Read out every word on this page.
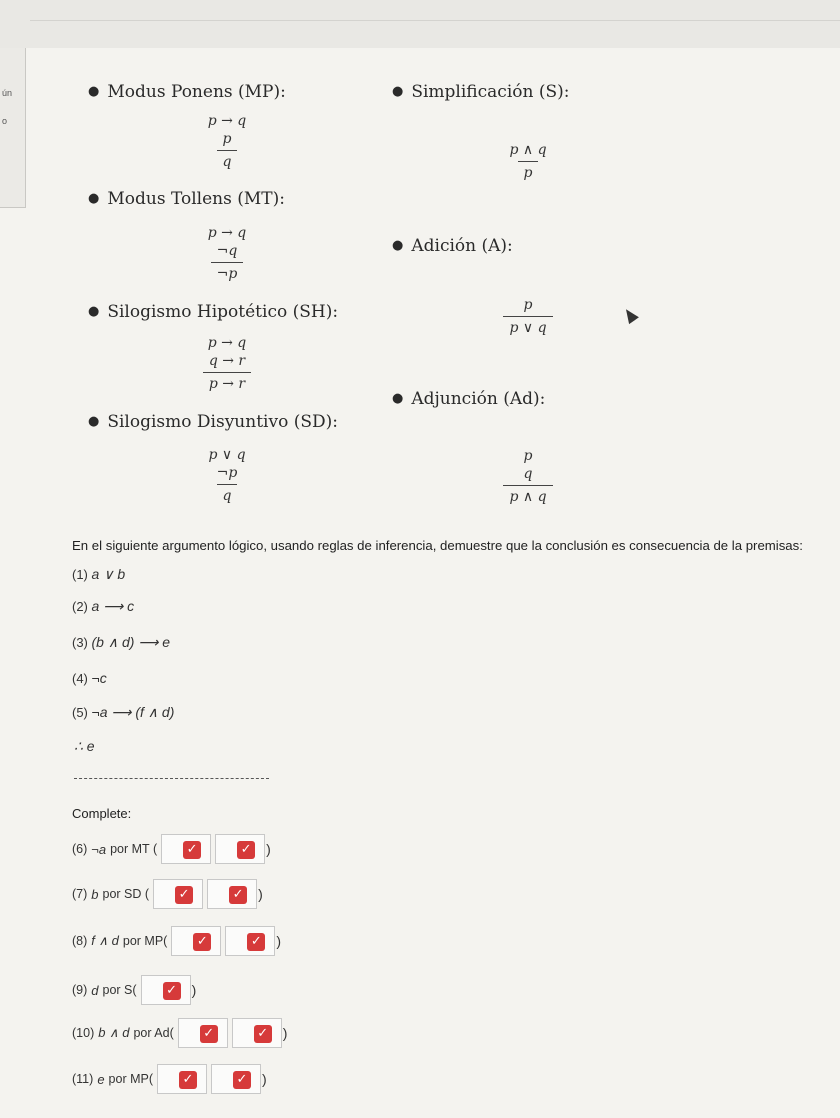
ún
o
● Modus Ponens (MP):
p → q
p
q
● Simplificación (S):
$\frac{p \wedge q}{p}$
● Modus Tollens (MT):
p → q
¬q
¬p
● Adición (A):
$\frac{p}{p \vee q}$
● Silogismo Hipotético (SH):
p → q
q → r
p → r
● Adjunción (Ad):
p
q
p ∧ q
● Silogismo Disyuntivo (SD):
p ∨ q
¬p
q
En el siguiente argumento lógico, usando reglas de inferencia, demuestre que la conclusión es consecuencia de la premisas:
(1) a ∨ b
(2) a ⟶ c
(3) (b ∧ d) ⟶ e
(4) ¬c
(5) ¬a ⟶ (f ∧ d)
∴ e
Complete:
(6) ¬a por MT ( ✓	✓ )
(7) b por SD ( ✓	✓ )
(8) f ∧ d por MP( ✓	✓ )
(9) d por S( ✓ )
(10) b ∧ d por Ad( ✓	✓ )
(11) e por MP( ✓	✓ )
